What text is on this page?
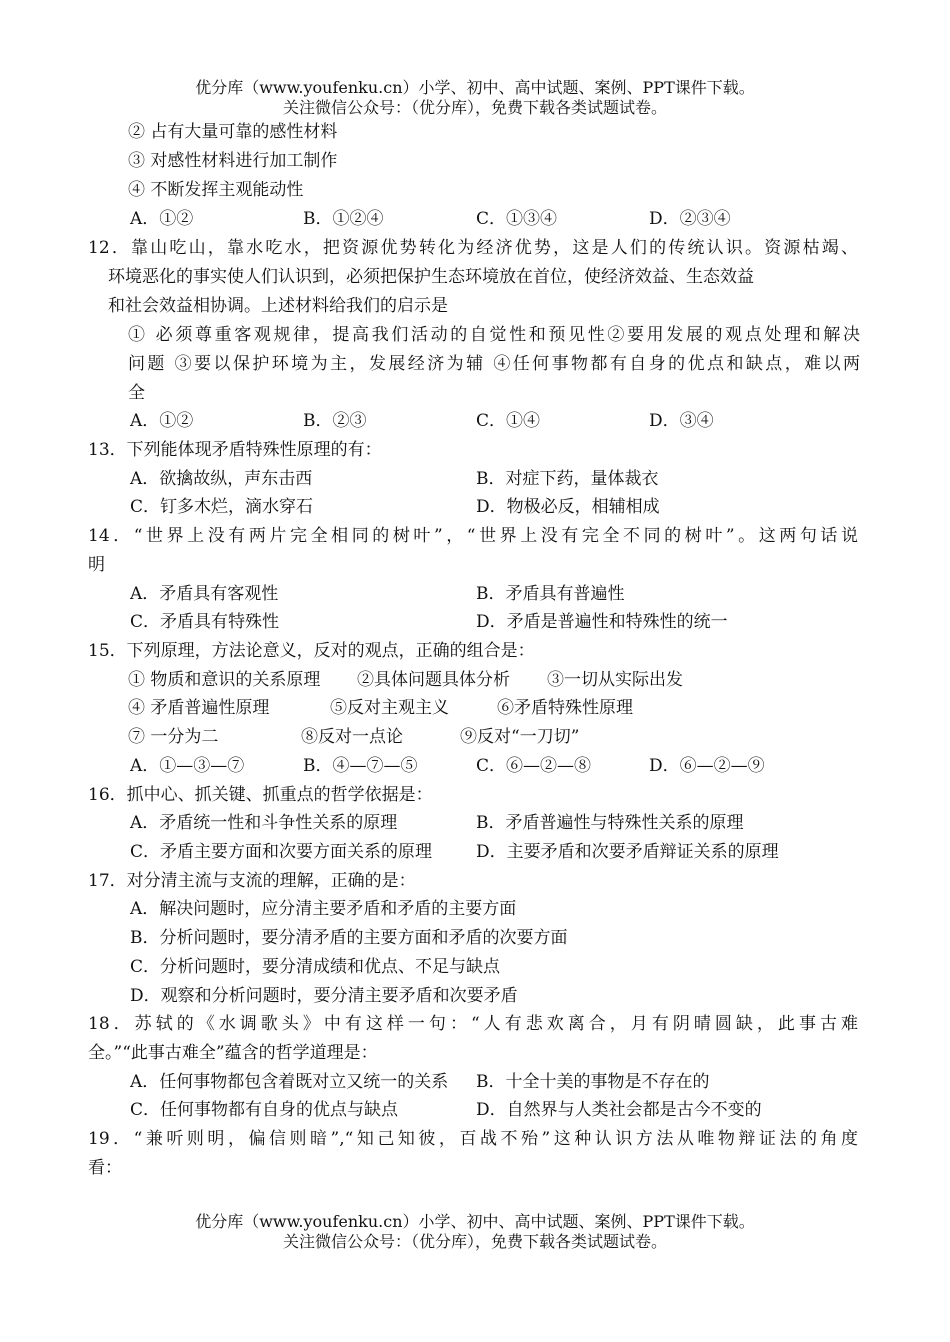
优分库（www.youfenku.cn）小学、初中、高中试题、案例、PPT课件下载。
关注微信公众号：（优分库），免费下载各类试题试卷。
② 占有大量可靠的感性材料
③ 对感性材料进行加工制作
④ 不断发挥主观能动性
A．①②	B．①②④	C．①③④	D．②③④
12．靠山吃山，靠水吃水，把资源优势转化为经济优势，这是人们的传统认识。资源枯竭、
环境恶化的事实使人们认识到，必须把保护生态环境放在首位，使经济效益、生态效益
和社会效益相协调。上述材料给我们的启示是
① 必须尊重客观规律，提高我们活动的自觉性和预见性②要用发展的观点处理和解决
问题 ③要以保护环境为主，发展经济为辅 ④任何事物都有自身的优点和缺点，难以两
全
A．①②	B．②③	C．①④	D．③④
13．下列能体现矛盾特殊性原理的有：
A．欲擒故纵，声东击西	B．对症下药，量体裁衣
C．钉多木烂，滴水穿石	D．物极必反，相辅相成
14．“世界上没有两片完全相同的树叶”，“世界上没有完全不同的树叶”。这两句话说
明
A．矛盾具有客观性	B．矛盾具有普遍性
C．矛盾具有特殊性	D．矛盾是普遍性和特殊性的统一
15．下列原理，方法论意义，反对的观点，正确的组合是：
① 物质和意识的关系原理 ②具体问题具体分析 ③一切从实际出发
④ 矛盾普遍性原理	⑤反对主观主义	⑥矛盾特殊性原理
⑦ 一分为二	⑧反对一点论	⑨反对“一刀切”
A．①—③—⑦	B．④—⑦—⑤	C．⑥—②—⑧	D．⑥—②—⑨
16．抓中心、抓关键、抓重点的哲学依据是：
A．矛盾统一性和斗争性关系的原理	B．矛盾普遍性与特殊性关系的原理
C．矛盾主要方面和次要方面关系的原理	D．主要矛盾和次要矛盾辩证关系的原理
17．对分清主流与支流的理解，正确的是：
A．解决问题时，应分清主要矛盾和矛盾的主要方面
B．分析问题时，要分清矛盾的主要方面和矛盾的次要方面
C．分析问题时，要分清成绩和优点、不足与缺点
D．观察和分析问题时，要分清主要矛盾和次要矛盾
18．苏轼的《水调歌头》中有这样一句：“人有悲欢离合，月有阴晴圆缺，此事古难
全。”“此事古难全”蕴含的哲学道理是：
A．任何事物都包含着既对立又统一的关系 B．十全十美的事物是不存在的
C．任何事物都有自身的优点与缺点	D．自然界与人类社会都是古今不变的
19．“兼听则明，偏信则暗”,“知己知彼，百战不殆”这种认识方法从唯物辩证法的角度
看：
优分库（www.youfenku.cn）小学、初中、高中试题、案例、PPT课件下载。
关注微信公众号：（优分库），免费下载各类试题试卷。
